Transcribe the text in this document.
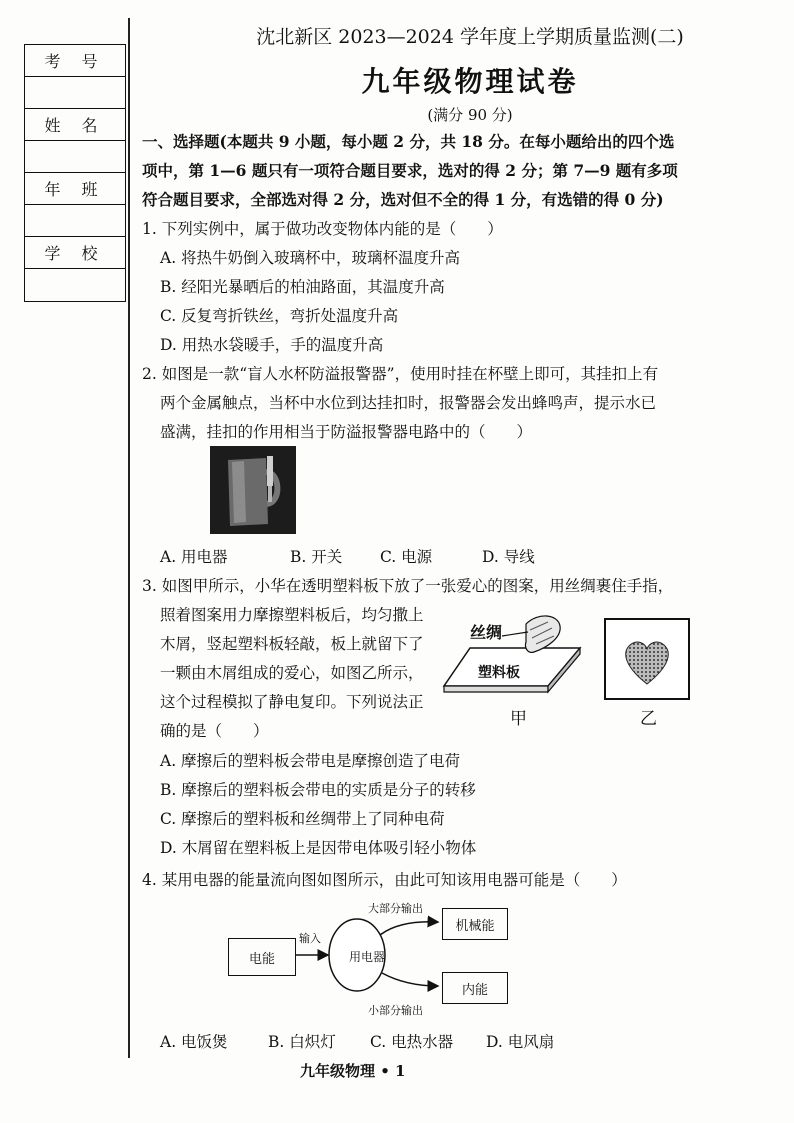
考 号
姓 名
年 班
学 校
沈北新区 2023—2024 学年度上学期质量监测(二)
九年级物理试卷
(满分 90 分)
一、选择题(本题共 9 小题，每小题 2 分，共 18 分。在每小题给出的四个选
项中，第 1—6 题只有一项符合题目要求，选对的得 2 分；第 7—9 题有多项
符合题目要求，全部选对得 2 分，选对但不全的得 1 分，有选错的得 0 分)
1. 下列实例中，属于做功改变物体内能的是（　　）
A. 将热牛奶倒入玻璃杯中，玻璃杯温度升高
B. 经阳光暴晒后的柏油路面，其温度升高
C. 反复弯折铁丝，弯折处温度升高
D. 用热水袋暖手，手的温度升高
2. 如图是一款“盲人水杯防溢报警器”，使用时挂在杯壁上即可，其挂扣上有
两个金属触点，当杯中水位到达挂扣时，报警器会发出蜂鸣声，提示水已
盛满，挂扣的作用相当于防溢报警器电路中的（　　）
A. 用电器	B. 开关 C. 电源	D. 导线
3. 如图甲所示，小华在透明塑料板下放了一张爱心的图案，用丝绸裹住手指，
照着图案用力摩擦塑料板后，均匀撒上
木屑，竖起塑料板轻敲，板上就留下了
一颗由木屑组成的爱心，如图乙所示，
这个过程模拟了静电复印。下列说法正
确的是（　　）
丝绸
塑料板
甲	乙
A. 摩擦后的塑料板会带电是摩擦创造了电荷
B. 摩擦后的塑料板会带电的实质是分子的转移
C. 摩擦后的塑料板和丝绸带上了同种电荷
D. 木屑留在塑料板上是因带电体吸引轻小物体
4. 某用电器的能量流向图如图所示，由此可知该用电器可能是（　　）
电能
输入
用电器
大部分输出
机械能
小部分输出
内能
A. 电饭煲	B. 白炽灯 C. 电热水器 D. 电风扇
九年级物理 • 1
